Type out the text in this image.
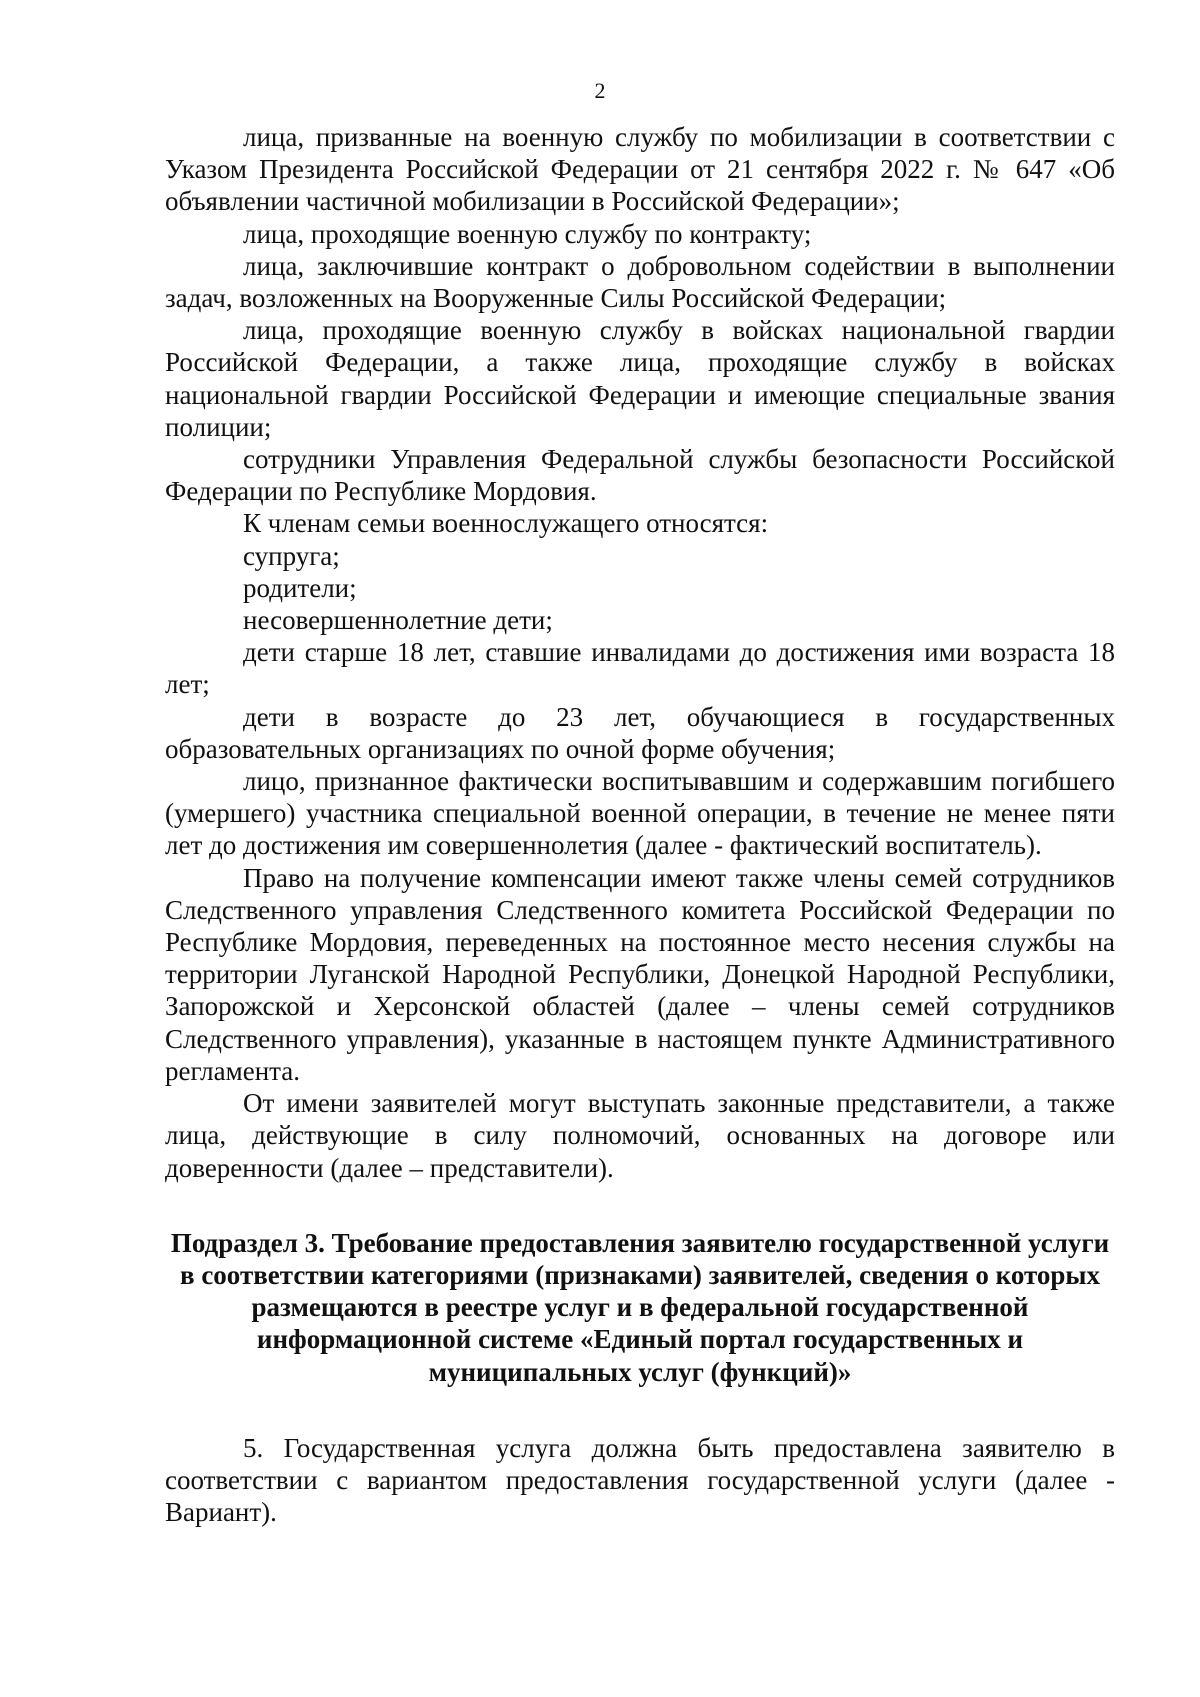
2

лица, призванные на военную службу по мобилизации в соответствии с Указом Президента Российской Федерации от 21 сентября 2022 г. № 647 «Об объявлении частичной мобилизации в Российской Федерации»;

лица, проходящие военную службу по контракту;

лица, заключившие контракт о добровольном содействии в выполнении задач, возложенных на Вооруженные Силы Российской Федерации;

лица, проходящие военную службу в войсках национальной гвардии Российской Федерации, а также лица, проходящие службу в войсках национальной гвардии Российской Федерации и имеющие специальные звания полиции;

сотрудники Управления Федеральной службы безопасности Российской Федерации по Республике Мордовия.

К членам семьи военнослужащего относятся:

супруга;

родители;

несовершеннолетние дети;

дети старше 18 лет, ставшие инвалидами до достижения ими возраста 18 лет;

дети в возрасте до 23 лет, обучающиеся в государственных образовательных организациях по очной форме обучения;

лицо, признанное фактически воспитывавшим и содержавшим погибшего (умершего) участника специальной военной операции, в течение не менее пяти лет до достижения им совершеннолетия (далее - фактический воспитатель).

Право на получение компенсации имеют также члены семей сотрудников Следственного управления Следственного комитета Российской Федерации по Республике Мордовия, переведенных на постоянное место несения службы на территории Луганской Народной Республики, Донецкой Народной Республики, Запорожской и Херсонской областей (далее – члены семей сотрудников Следственного управления), указанные в настоящем пункте Административного регламента.

От имени заявителей могут выступать законные представители, а также лица, действующие в силу полномочий, основанных на договоре или доверенности (далее – представители).

Подраздел 3. Требование предоставления заявителю государственной услуги в соответствии категориями (признаками) заявителей, сведения о которых размещаются в реестре услуг и в федеральной государственной информационной системе «Единый портал государственных и муниципальных услуг (функций)»

5. Государственная услуга должна быть предоставлена заявителю в соответствии с вариантом предоставления государственной услуги (далее - Вариант).
